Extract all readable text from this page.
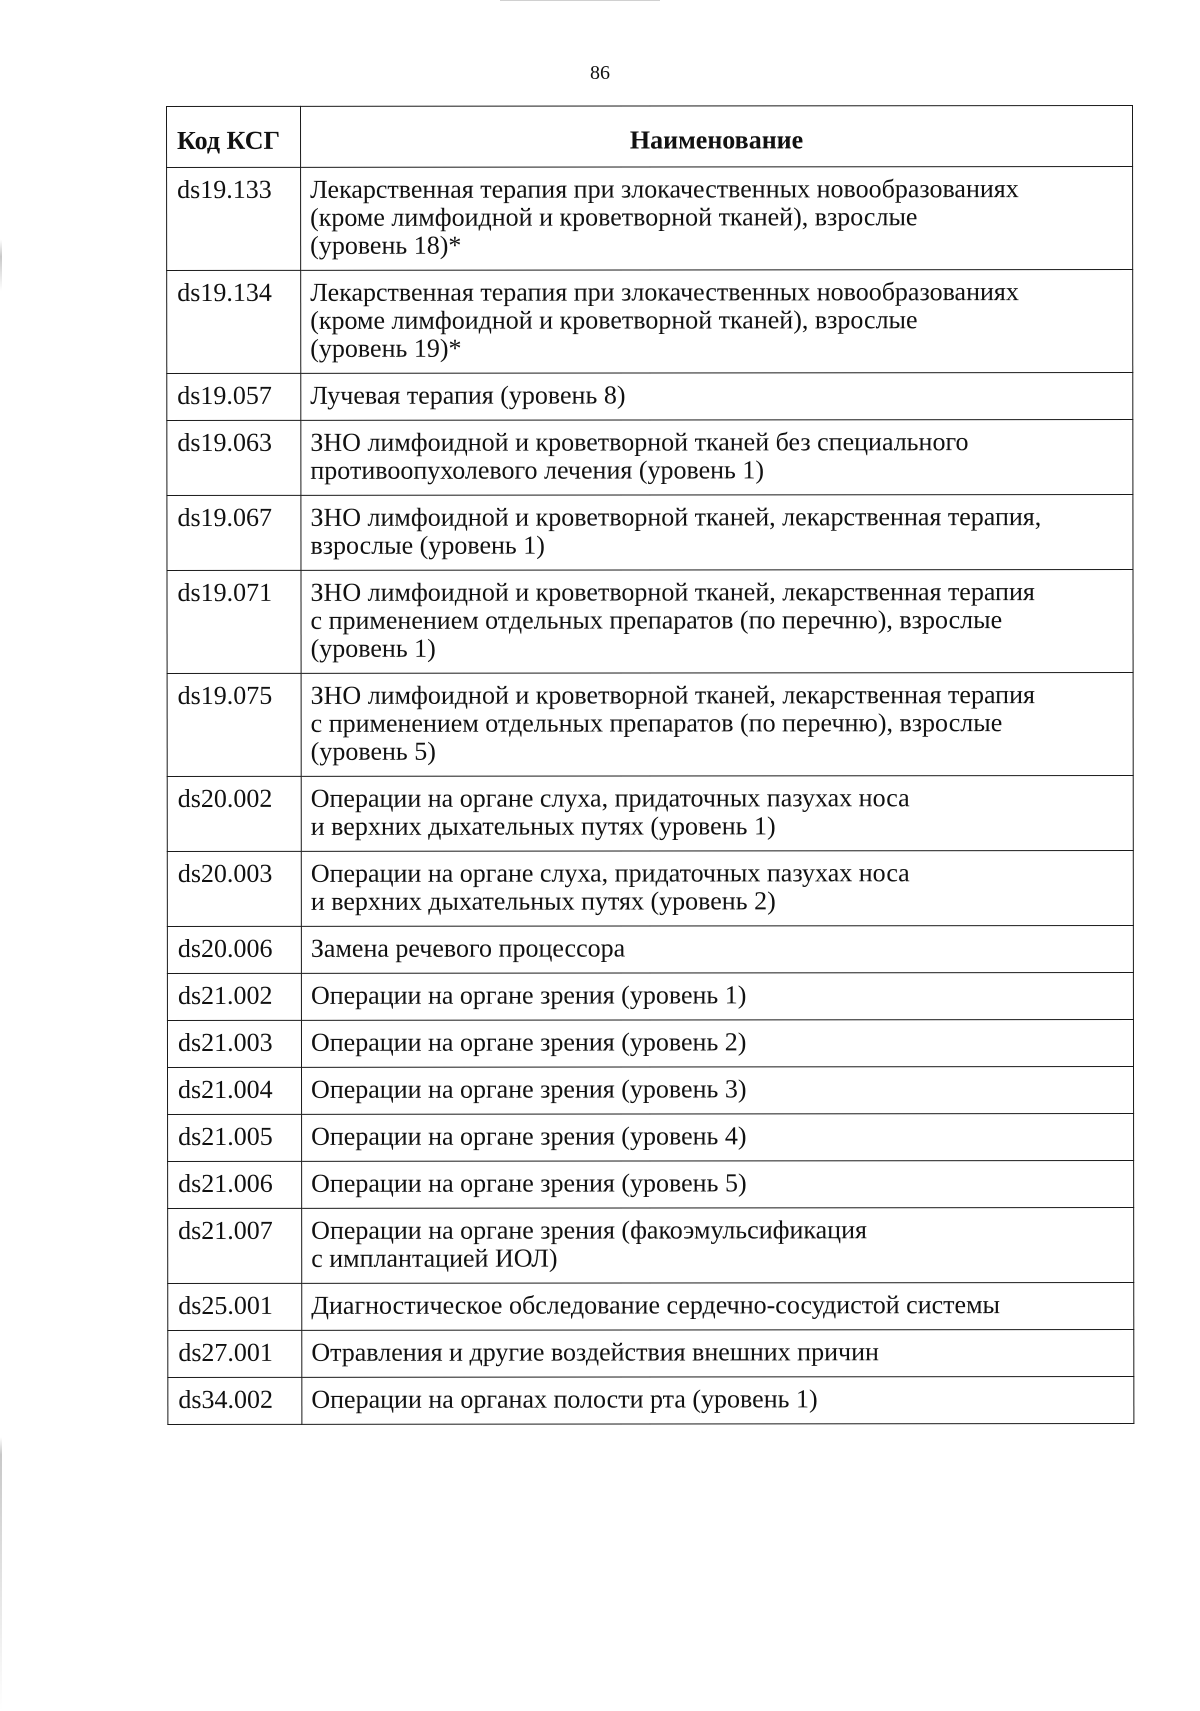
86
Код КСГ	Наименование
ds19.133	Лекарственная терапия при злокачественных новообразованиях
(кроме лимфоидной и кроветворной тканей), взрослые
(уровень 18)*

ds19.134	Лекарственная терапия при злокачественных новообразованиях
(кроме лимфоидной и кроветворной тканей), взрослые
(уровень 19)*

ds19.057	Лучевая терапия (уровень 8)

ds19.063	ЗНО лимфоидной и кроветворной тканей без специального
противоопухолевого лечения (уровень 1)

ds19.067	ЗНО лимфоидной и кроветворной тканей, лекарственная терапия,
взрослые (уровень 1)

ds19.071	ЗНО лимфоидной и кроветворной тканей, лекарственная терапия
с применением отдельных препаратов (по перечню), взрослые
(уровень 1)

ds19.075	ЗНО лимфоидной и кроветворной тканей, лекарственная терапия
с применением отдельных препаратов (по перечню), взрослые
(уровень 5)

ds20.002	Операции на органе слуха, придаточных пазухах носа
и верхних дыхательных путях (уровень 1)

ds20.003	Операции на органе слуха, придаточных пазухах носа
и верхних дыхательных путях (уровень 2)

ds20.006	Замена речевого процессора

ds21.002	Операции на органе зрения (уровень 1)

ds21.003	Операции на органе зрения (уровень 2)

ds21.004	Операции на органе зрения (уровень 3)

ds21.005	Операции на органе зрения (уровень 4)

ds21.006	Операции на органе зрения (уровень 5)

ds21.007	Операции на органе зрения (факоэмульсификация
с имплантацией ИОЛ)

ds25.001	Диагностическое обследование сердечно-сосудистой системы

ds27.001	Отравления и другие воздействия внешних причин

ds34.002	Операции на органах полости рта (уровень 1)
